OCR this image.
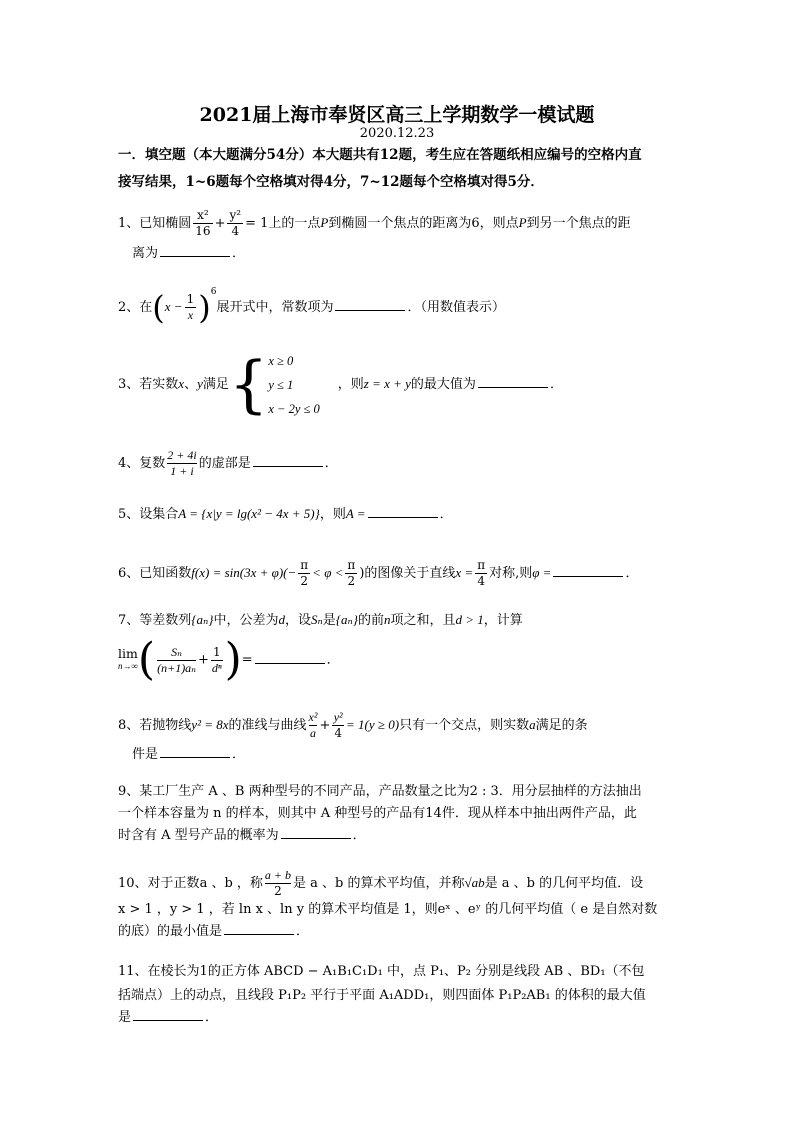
2021届上海市奉贤区高三上学期数学一模试题
2020.12.23
一．填空题（本大题满分54分）本大题共有12题，考生应在答题纸相应编号的空格内直
接写结果，1~6题每个空格填对得4分，7~12题每个空格填对得5分．
1、已知椭圆 $\frac{\text{x²}}{16} + \frac{\text{y²}}{4} = 1$上的一点P到椭圆一个焦点的距离为6，则点P到另一个焦点的距
离为	．
2、在$(x - \frac{1}{x} )^6$展开式中，常数项为	．（用数值表示）
3、若实数x、y满足{ x ≥ 0
y ≤ 1
x − 2y ≤ 0
，则z = x + y的最大值为	．
4、复数 $\frac{2 + 4i}{1 + i}$ 的虚部是	．
5、设集合A = {x|y = lg(x² − 4x + 5)}，则A =	．
6、已知函数$f(x) = \sin(3x + \varphi)(- \frac{\pi}{2} < \varphi < \frac{\pi}{2}$ )的图像关于直线$x = \frac{\pi}{4}$ 对称,则φ =	．
7、等差数列{aₙ}中，公差为d，设Sₙ是{aₙ}的前n项之和，且d > 1，计算
lim
n→∞ ( $\frac{\text{Sₙ}}{\text{(n+1)aₙ}} + \frac{1}{\text{dⁿ}}$ )=	．
8、若抛物线y² = 8x的准线与曲线 $\frac{\text{x²}}{a} + \frac{\text{y²}}{4} = 1(y \ge 0)$只有一个交点，则实数a满足的条
件是	．
9、某工厂生产 A 、B 两种型号的不同产品，产品数量之比为2 : 3．用分层抽样的方法抽出
一个样本容量为 n 的样本，则其中 A 种型号的产品有14件．现从样本中抽出两件产品，此
时含有 A 型号产品的概率为	．
10、对于正数a 、b ，称 $\frac{a + b}{2}$ 是 a 、b 的算术平均值，并称√ab是 a 、b 的几何平均值．设
x > 1 ，y > 1 ，若 ln x 、ln y 的算术平均值是 1，则eˣ 、eʸ 的几何平均值（ e 是自然对数
的底）的最小值是	．
11、在棱长为1的正方体 ABCD − A₁B₁C₁D₁ 中，点 P₁、P₂ 分别是线段 AB 、BD₁（不包
括端点）上的动点，且线段 P₁P₂ 平行于平面 A₁ADD₁，则四面体 P₁P₂AB₁ 的体积的最大值
是	．
